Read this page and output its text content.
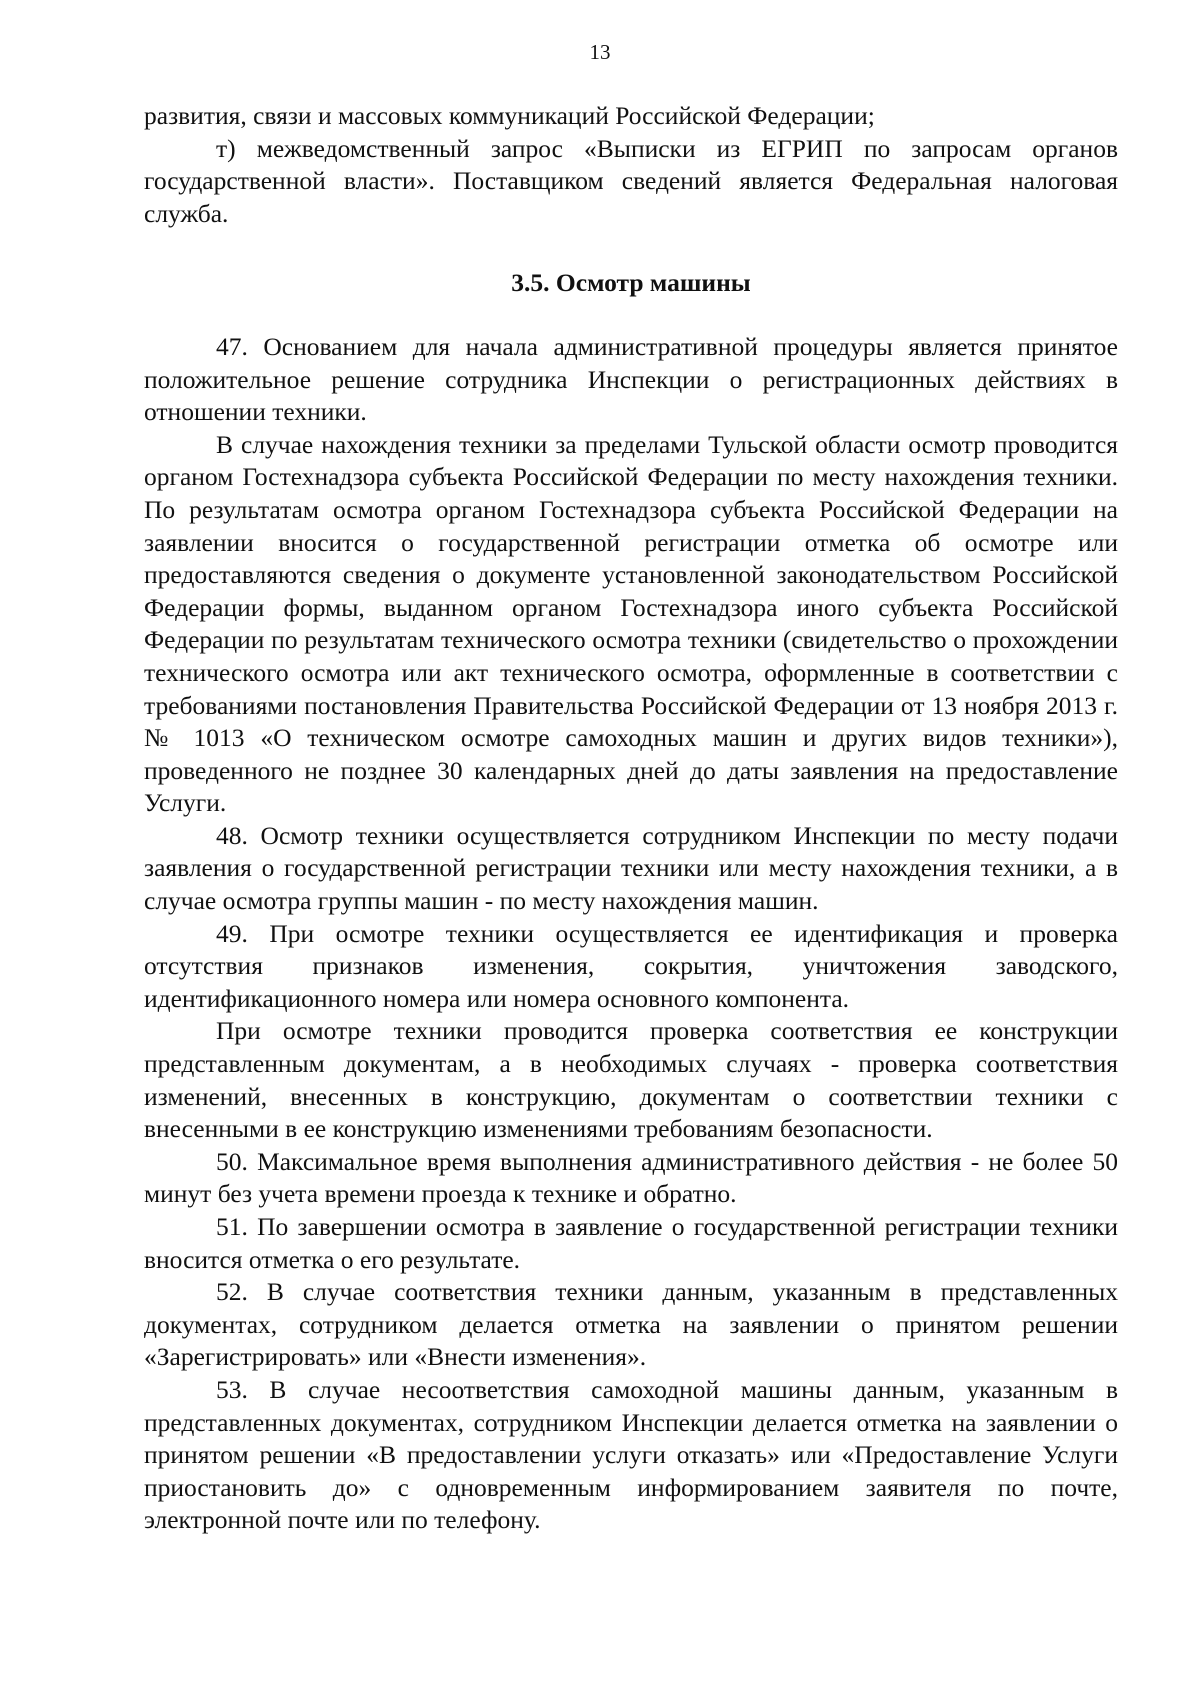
13

развития, связи и массовых коммуникаций Российской Федерации;

т) межведомственный запрос «Выписки из ЕГРИП по запросам органов государственной власти». Поставщиком сведений является Федеральная налоговая служба.

3.5. Осмотр машины

47. Основанием для начала административной процедуры является принятое положительное решение сотрудника Инспекции о регистрационных действиях в отношении техники.

В случае нахождения техники за пределами Тульской области осмотр проводится органом Гостехнадзора субъекта Российской Федерации по месту нахождения техники. По результатам осмотра органом Гостехнадзора субъекта Российской Федерации на заявлении вносится о государственной регистрации отметка об осмотре или предоставляются сведения о документе установленной законодательством Российской Федерации формы, выданном органом Гостехнадзора иного субъекта Российской Федерации по результатам технического осмотра техники (свидетельство о прохождении технического осмотра или акт технического осмотра, оформленные в соответствии с требованиями постановления Правительства Российской Федерации от 13 ноября 2013 г. № 1013 «О техническом осмотре самоходных машин и других видов техники»), проведенного не позднее 30 календарных дней до даты заявления на предоставление Услуги.

48. Осмотр техники осуществляется сотрудником Инспекции по месту подачи заявления о государственной регистрации техники или месту нахождения техники, а в случае осмотра группы машин - по месту нахождения машин.

49. При осмотре техники осуществляется ее идентификация и проверка отсутствия признаков изменения, сокрытия, уничтожения заводского, идентификационного номера или номера основного компонента.

При осмотре техники проводится проверка соответствия ее конструкции представленным документам, а в необходимых случаях - проверка соответствия изменений, внесенных в конструкцию, документам о соответствии техники с внесенными в ее конструкцию изменениями требованиям безопасности.

50. Максимальное время выполнения административного действия - не более 50 минут без учета времени проезда к технике и обратно.

51. По завершении осмотра в заявление о государственной регистрации техники вносится отметка о его результате.

52. В случае соответствия техники данным, указанным в представленных документах, сотрудником делается отметка на заявлении о принятом решении «Зарегистрировать» или «Внести изменения».

53. В случае несоответствия самоходной машины данным, указанным в представленных документах, сотрудником Инспекции делается отметка на заявлении о принятом решении «В предоставлении услуги отказать» или «Предоставление Услуги приостановить до» с одновременным информированием заявителя по почте, электронной почте или по телефону.
